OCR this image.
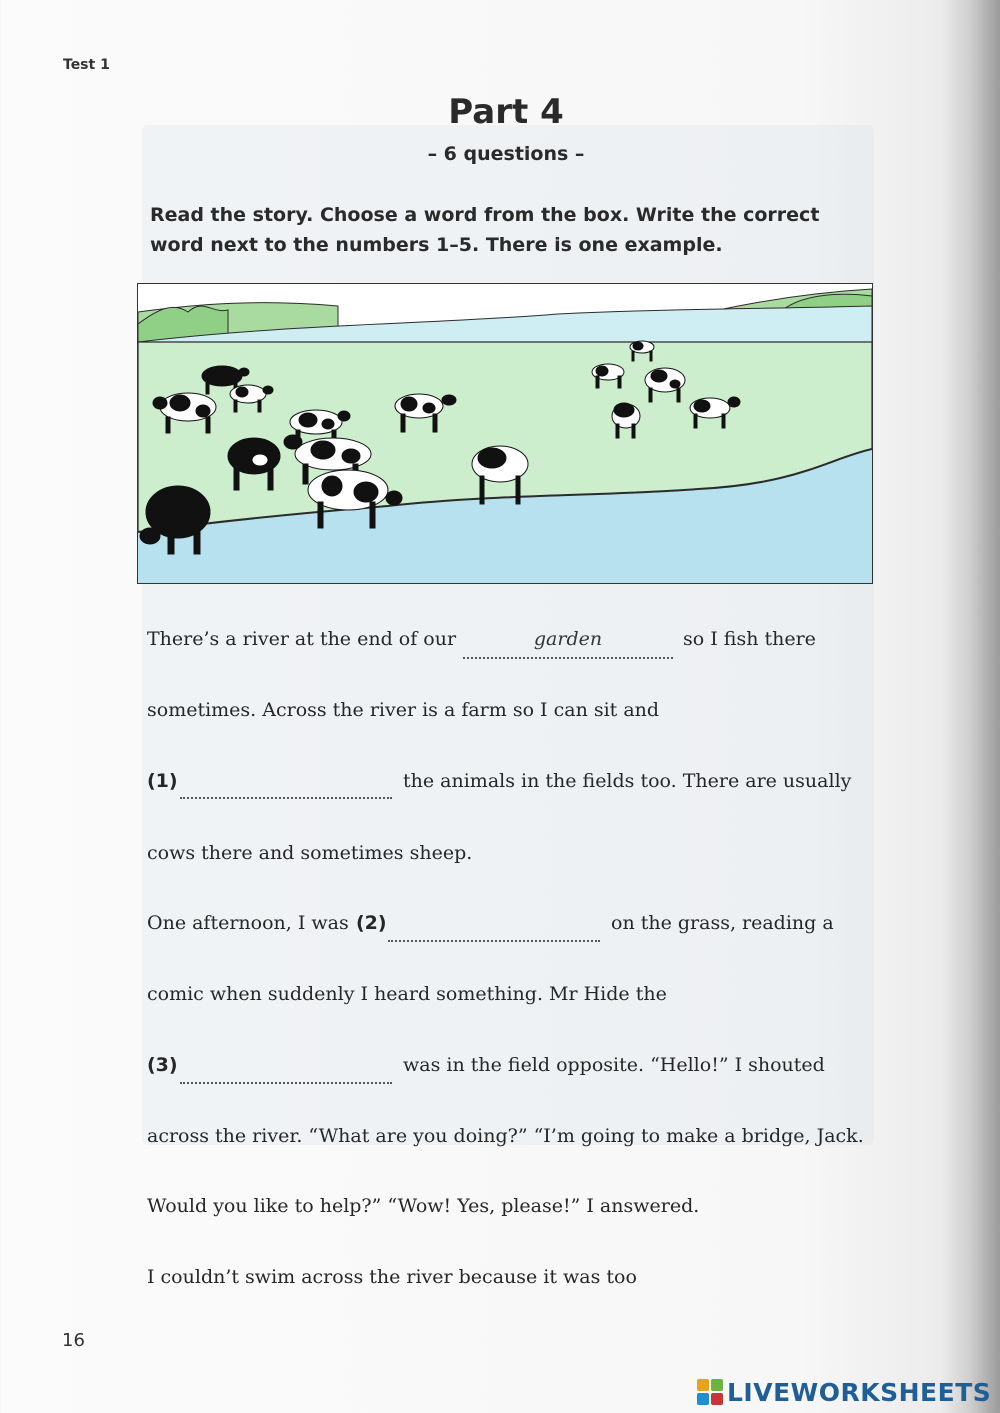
Test 1
Part 4
– 6 questions –
Read the story. Choose a word from the box. Write the correct
word next to the numbers 1–5. There is one example.
There’s a river at the end of our	garden	so I fish there
sometimes. Across the river is a farm so I can sit and
(1)	the animals in the fields too. There are usually
cows there and sometimes sheep.
One afternoon, I was (2)	on the grass, reading a
comic when suddenly I heard something. Mr Hide the
(3)	was in the field opposite. “Hello!” I shouted
across the river. “What are you doing?” “I’m going to make a bridge, Jack.
Would you like to help?” “Wow! Yes, please!” I answered.
I couldn’t swim across the river because it was too
16
LIVEWORKSHEETS
